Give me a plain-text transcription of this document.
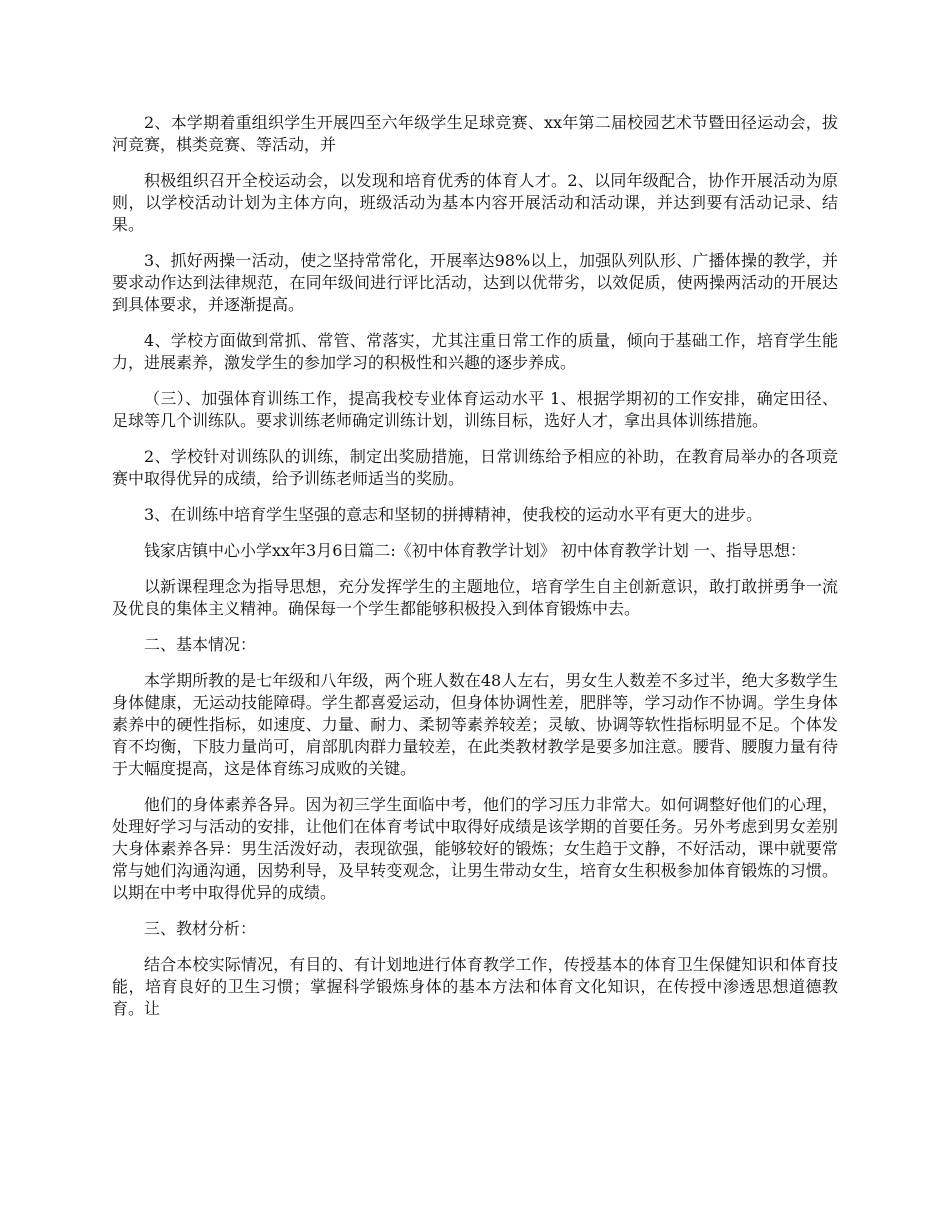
2、本学期着重组织学生开展四至六年级学生足球竞赛、xx年第二届校园艺术节暨田径运动会，拔河竞赛，棋类竞赛、等活动，并

积极组织召开全校运动会，以发现和培育优秀的体育人才。2、以同年级配合，协作开展活动为原则，以学校活动计划为主体方向，班级活动为基本内容开展活动和活动课，并达到要有活动记录、结果。

3、抓好两操一活动，使之坚持常常化，开展率达98%以上，加强队列队形、广播体操的教学，并要求动作达到法律规范，在同年级间进行评比活动，达到以优带劣，以效促质，使两操两活动的开展达到具体要求，并逐渐提高。

4、学校方面做到常抓、常管、常落实，尤其注重日常工作的质量，倾向于基础工作，培育学生能力，进展素养，激发学生的参加学习的积极性和兴趣的逐步养成。

（三）、加强体育训练工作，提高我校专业体育运动水平 1、根据学期初的工作安排，确定田径、足球等几个训练队。要求训练老师确定训练计划，训练目标，选好人才，拿出具体训练措施。

2、学校针对训练队的训练，制定出奖励措施，日常训练给予相应的补助，在教育局举办的各项竞赛中取得优异的成绩，给予训练老师适当的奖励。

3、在训练中培育学生坚强的意志和坚韧的拼搏精神，使我校的运动水平有更大的进步。

钱家店镇中心小学xx年3月6日篇二:《初中体育教学计划》 初中体育教学计划 一、指导思想：

以新课程理念为指导思想，充分发挥学生的主题地位，培育学生自主创新意识，敢打敢拼勇争一流及优良的集体主义精神。确保每一个学生都能够积极投入到体育锻炼中去。

二、基本情况：

本学期所教的是七年级和八年级，两个班人数在48人左右，男女生人数差不多过半，绝大多数学生身体健康，无运动技能障碍。学生都喜爱运动，但身体协调性差，肥胖等，学习动作不协调。学生身体素养中的硬性指标，如速度、力量、耐力、柔韧等素养较差；灵敏、协调等软性指标明显不足。个体发育不均衡，下肢力量尚可，肩部肌肉群力量较差，在此类教材教学是要多加注意。腰背、腰腹力量有待于大幅度提高，这是体育练习成败的关键。

他们的身体素养各异。因为初三学生面临中考，他们的学习压力非常大。如何调整好他们的心理，处理好学习与活动的安排，让他们在体育考试中取得好成绩是该学期的首要任务。另外考虑到男女差别大身体素养各异：男生活泼好动，表现欲强，能够较好的锻炼；女生趋于文静，不好活动，课中就要常常与她们沟通沟通，因势利导，及早转变观念，让男生带动女生，培育女生积极参加体育锻炼的习惯。以期在中考中取得优异的成绩。

三、教材分析：

结合本校实际情况，有目的、有计划地进行体育教学工作，传授基本的体育卫生保健知识和体育技能，培育良好的卫生习惯；掌握科学锻炼身体的基本方法和体育文化知识，在传授中渗透思想道德教育。让
